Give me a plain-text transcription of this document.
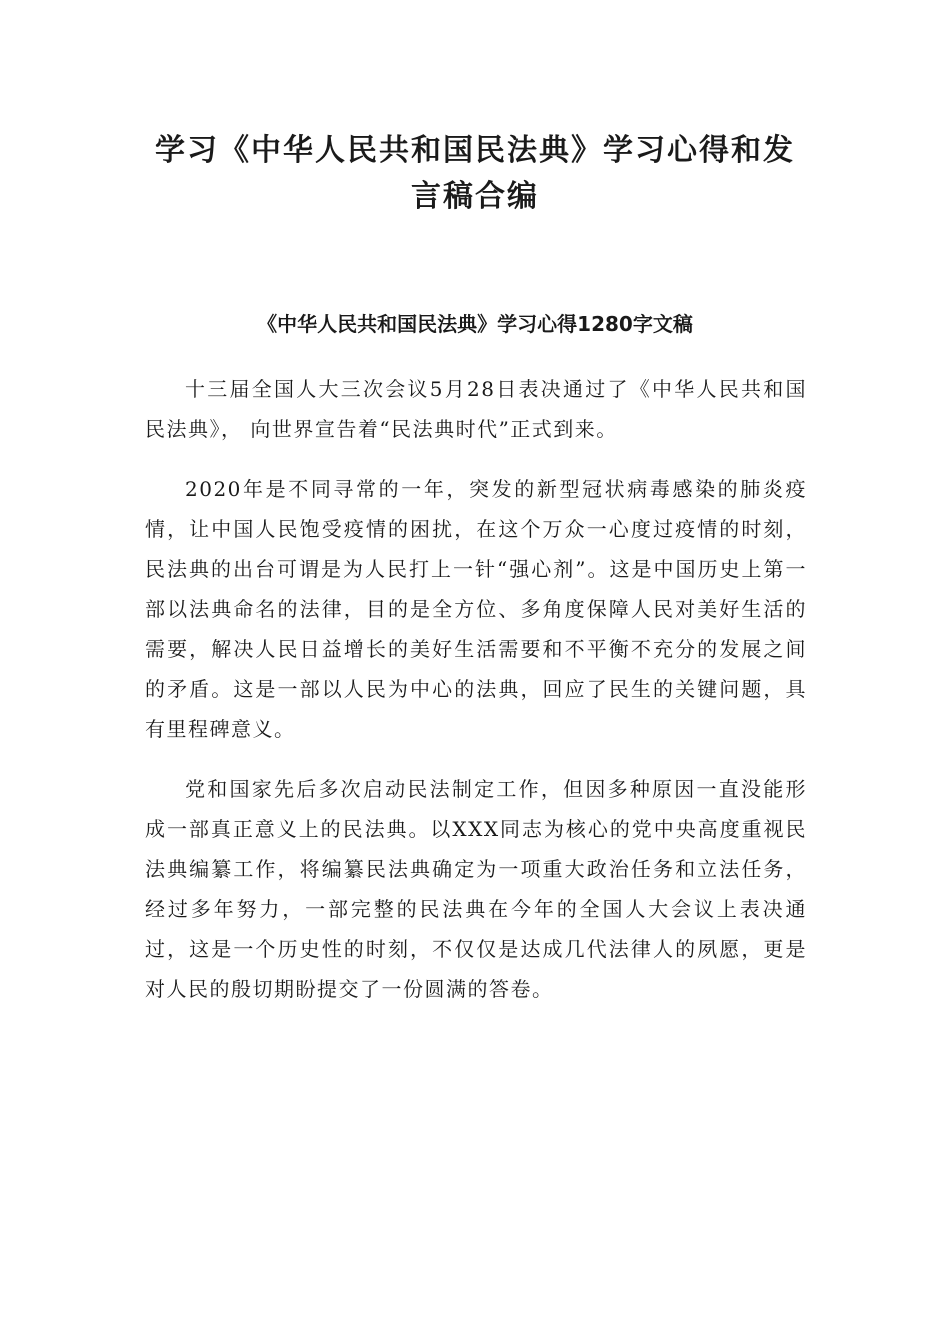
学习《中华人民共和国民法典》学习心得和发言稿合编
《中华人民共和国民法典》学习心得1280字文稿

十三届全国人大三次会议5月28日表决通过了《中华人民共和国民法典》， 向世界宣告着“民法典时代”正式到来。

2020年是不同寻常的一年，突发的新型冠状病毒感染的肺炎疫情，让中国人民饱受疫情的困扰，在这个万众一心度过疫情的时刻，民法典的出台可谓是为人民打上一针“强心剂”。这是中国历史上第一部以法典命名的法律，目的是全方位、多角度保障人民对美好生活的需要，解决人民日益增长的美好生活需要和不平衡不充分的发展之间的矛盾。这是一部以人民为中心的法典，回应了民生的关键问题，具有里程碑意义。

党和国家先后多次启动民法制定工作，但因多种原因一直没能形成一部真正意义上的民法典。以XXX同志为核心的党中央高度重视民法典编纂工作，将编纂民法典确定为一项重大政治任务和立法任务，经过多年努力，一部完整的民法典在今年的全国人大会议上表决通过，这是一个历史性的时刻，不仅仅是达成几代法律人的夙愿，更是对人民的殷切期盼提交了一份圆满的答卷。
